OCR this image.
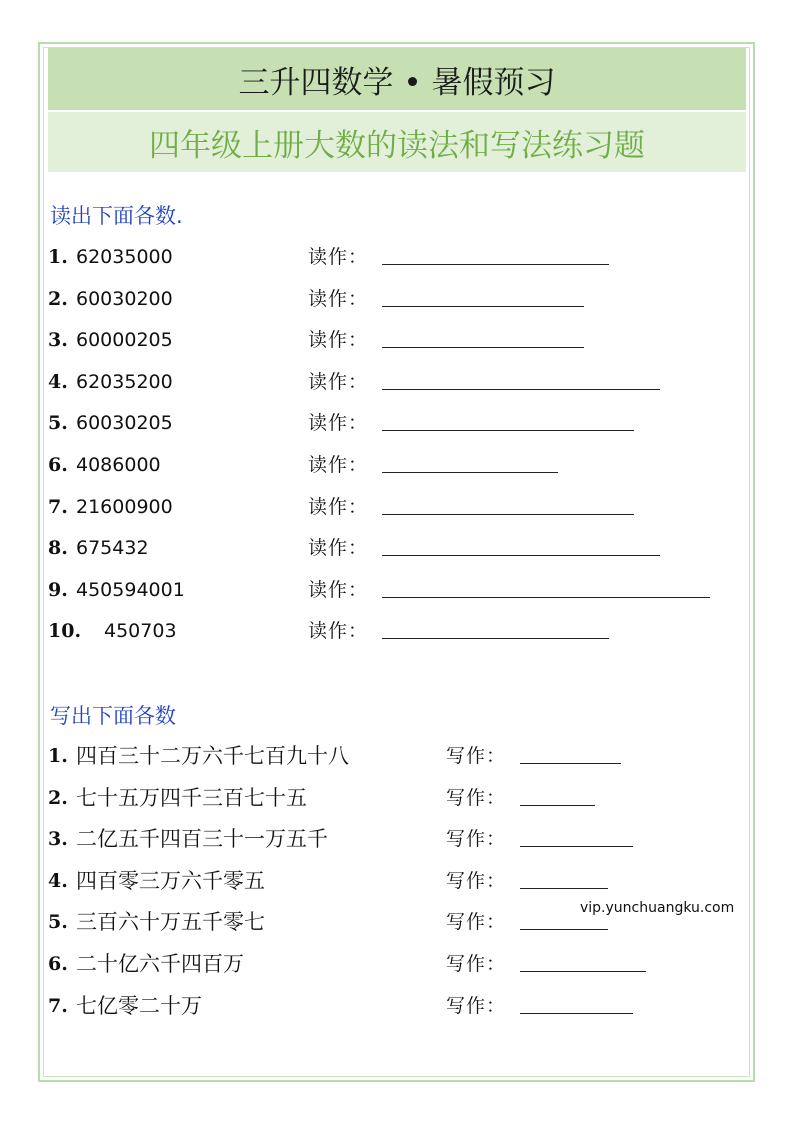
三升四数学 • 暑假预习
四年级上册大数的读法和写法练习题
读出下面各数.
1. 62035000	读作：
2. 60030200	读作：
3. 60000205	读作：
4. 62035200	读作：
5. 60030205	读作：
6. 4086000	读作：
7. 21600900	读作：
8. 675432	读作：
9. 450594001	读作：
10. 450703	读作：
写出下面各数
1. 四百三十二万六千七百九十八	写作：
2. 七十五万四千三百七十五	写作：
3. 二亿五千四百三十一万五千	写作：
4. 四百零三万六千零五	写作：
5. 三百六十万五千零七	写作：
6. 二十亿六千四百万	写作：
7. 七亿零二十万	写作：
vip.yunchuangku.com
